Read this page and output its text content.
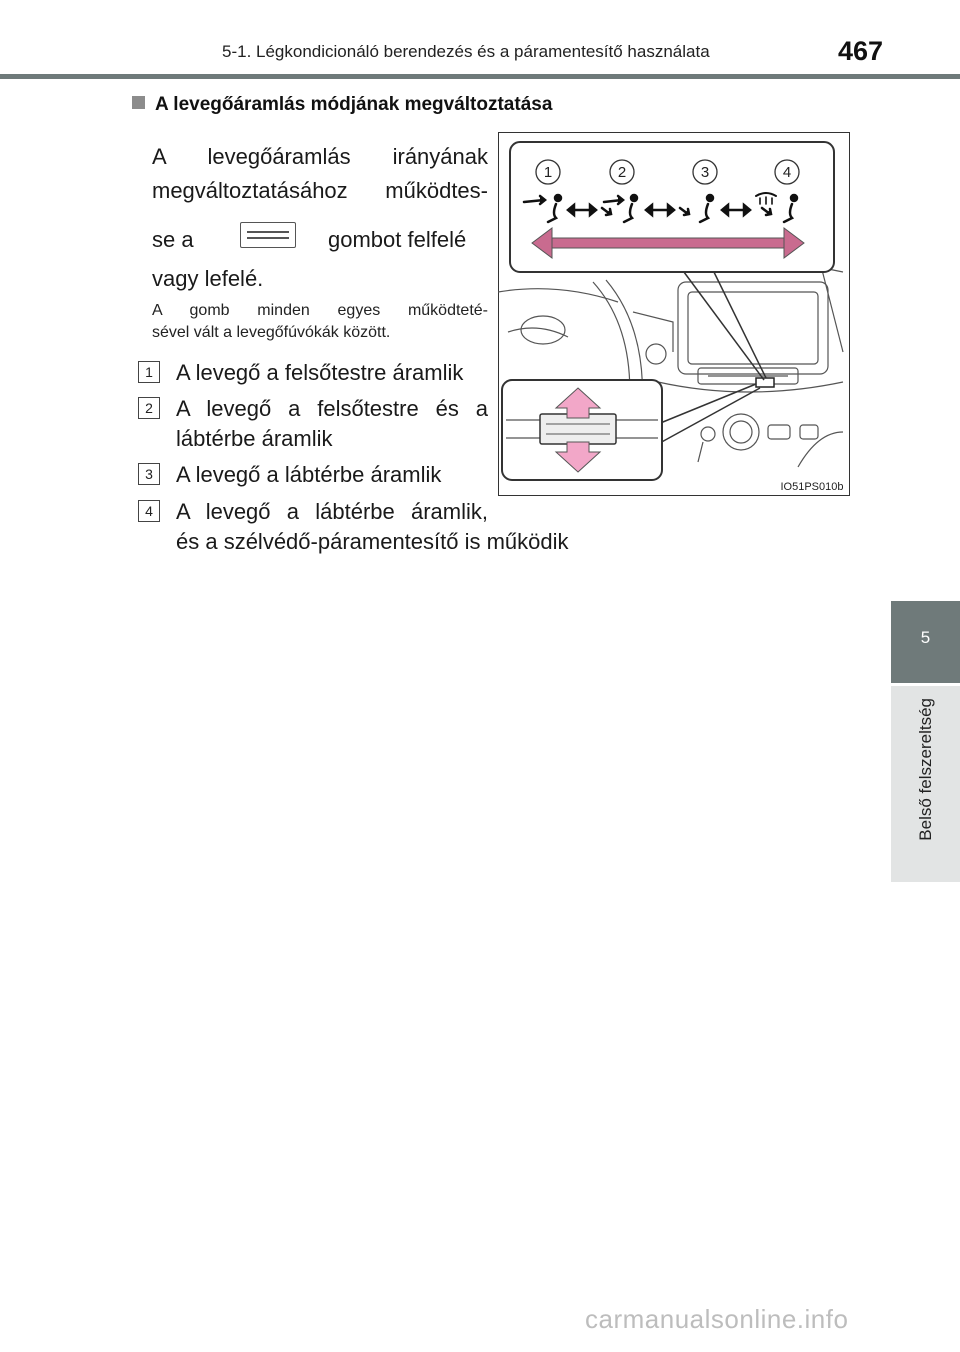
5-1. Légkondicionáló berendezés és a páramentesítő használata	467
A levegőáramlás módjának megváltoztatása
A levegőáramlás irányának
megváltoztatásához működtes-
se a	gombot felfelé
vagy lefelé.
A gomb minden egyes működteté-
sével vált a levegőfúvókák között.
1	A levegő a felsőtestre áramlik
2	A levegő a felsőtestre és a
lábtérbe áramlik
3	A levegő a lábtérbe áramlik
4	A levegő a lábtérbe áramlik,
és a szélvédő-páramentesítő is működik
1	2	3	4
IO51PS010b
5
Belső felszereltség
carmanualsonline.info
